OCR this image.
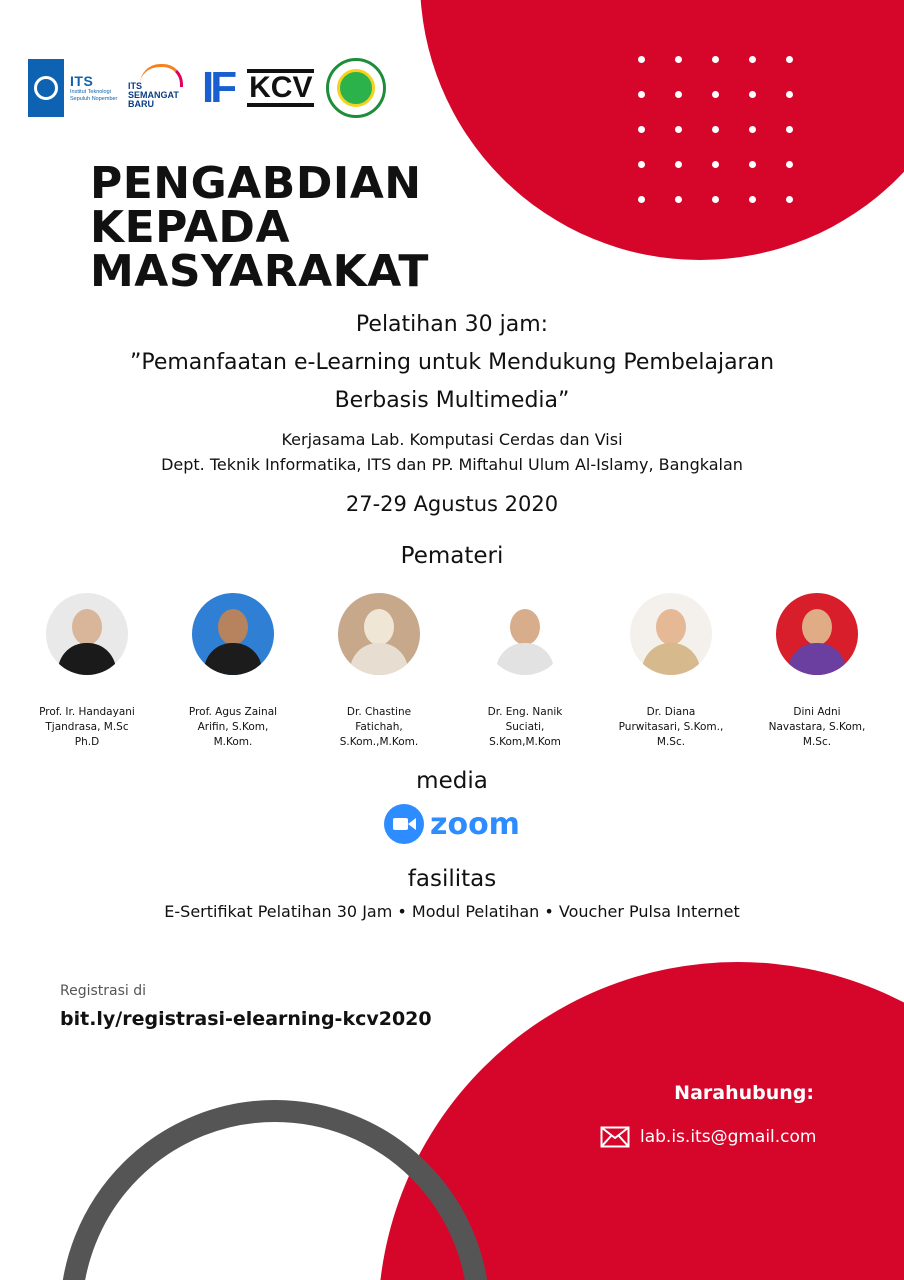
ITS
Institut Teknologi Sepuluh Nopember
ITS SEMANGAT BARU	IF KCV
PENGABDIAN
KEPADA
MASYARAKAT
Pelatihan 30 jam:
”Pemanfaatan e-Learning untuk Mendukung Pembelajaran
Berbasis Multimedia”
Kerjasama Lab. Komputasi Cerdas dan Visi
Dept. Teknik Informatika, ITS dan PP. Miftahul Ulum Al-Islamy, Bangkalan
27-29 Agustus 2020
Pemateri
Prof. Ir. Handayani
Tjandrasa, M.Sc
Ph.D
Prof. Agus Zainal
Arifin, S.Kom,
M.Kom.
Dr. Chastine
Fatichah,
S.Kom.,M.Kom.
Dr. Eng. Nanik
Suciati,
S.Kom,M.Kom
Dr. Diana
Purwitasari, S.Kom.,
M.Sc.
Dini Adni
Navastara, S.Kom,
M.Sc.
media
zoom
fasilitas
E-Sertifikat Pelatihan 30 Jam • Modul Pelatihan • Voucher Pulsa Internet
Registrasi di
bit.ly/registrasi-elearning-kcv2020
Narahubung:
lab.is.its@gmail.com
